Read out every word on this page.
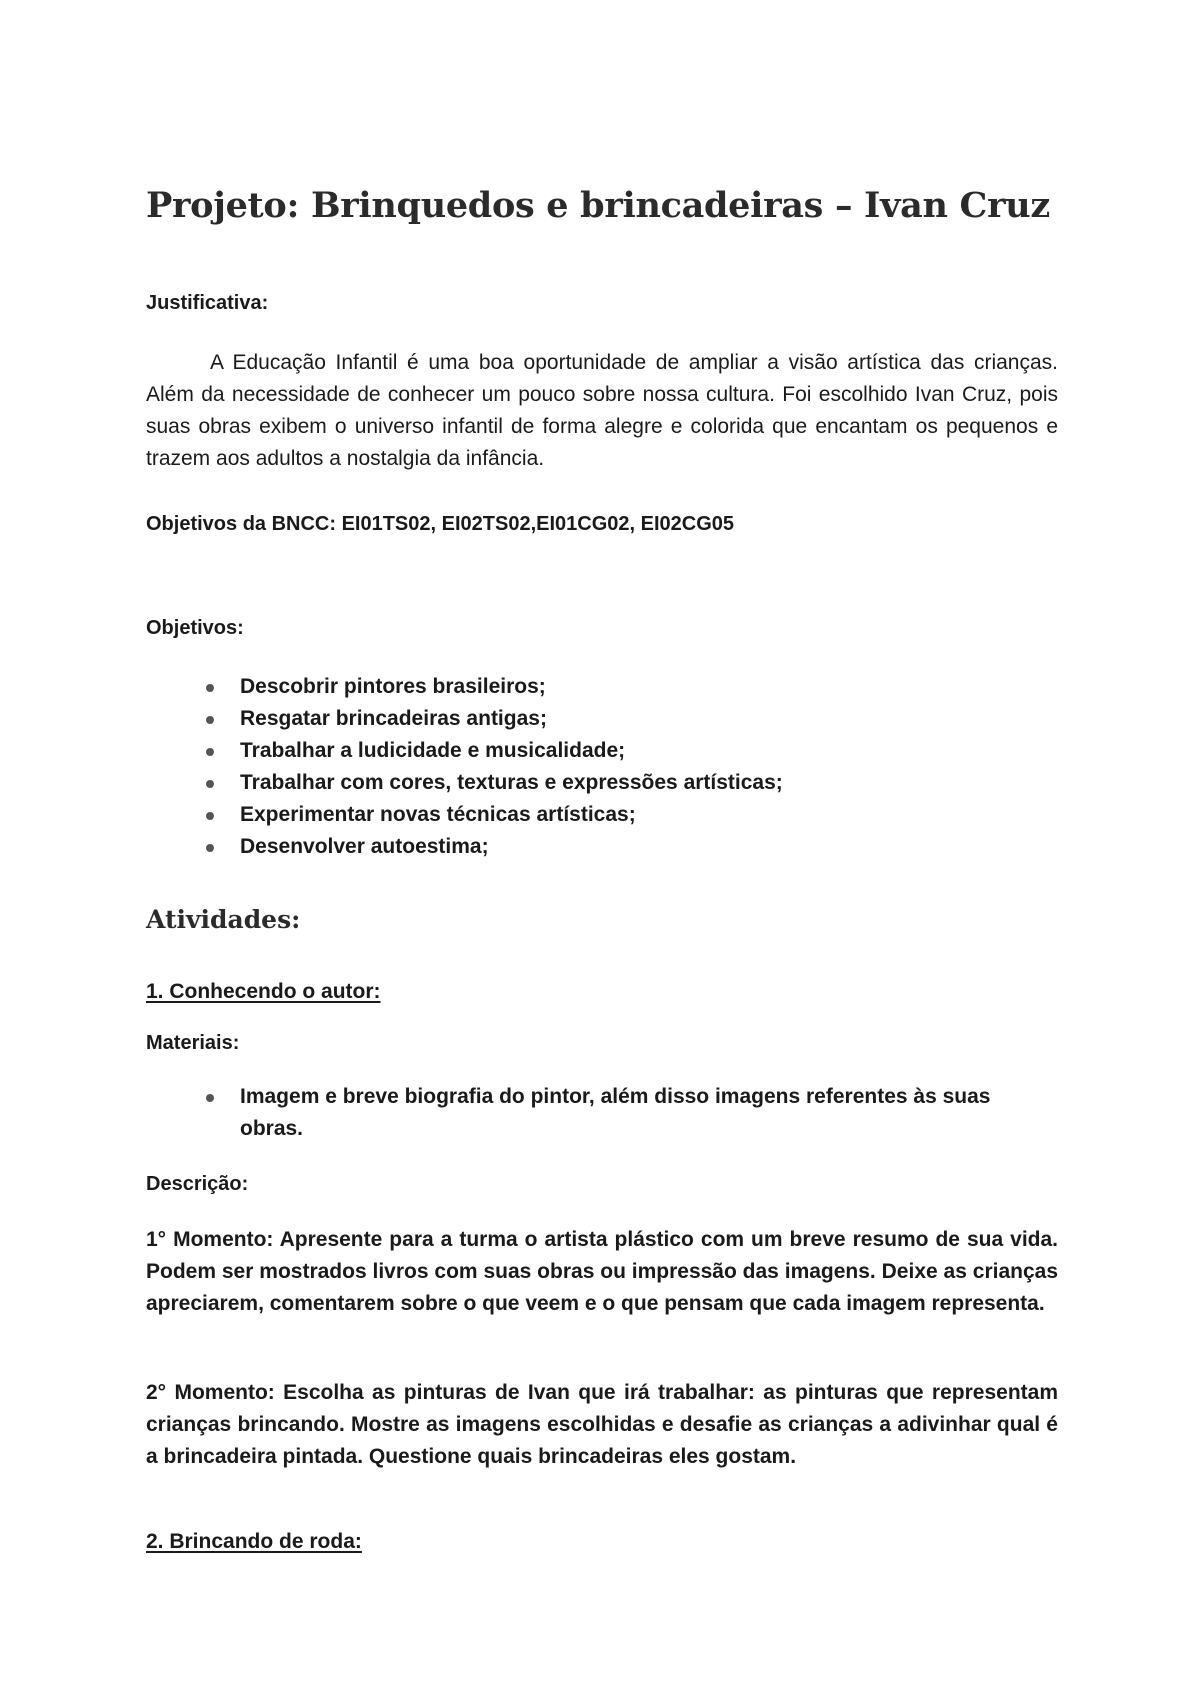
Projeto: Brinquedos e brincadeiras – Ivan Cruz

Justificativa:

A Educação Infantil é uma boa oportunidade de ampliar a visão artística das crianças. Além da necessidade de conhecer um pouco sobre nossa cultura. Foi escolhido Ivan Cruz, pois suas obras exibem o universo infantil de forma alegre e colorida que encantam os pequenos e trazem aos adultos a nostalgia da infância.

Objetivos da BNCC: EI01TS02, EI02TS02,EI01CG02, EI02CG05

Objetivos:

Descobrir pintores brasileiros;
Resgatar brincadeiras antigas;
Trabalhar a ludicidade e musicalidade;
Trabalhar com cores, texturas e expressões artísticas;
Experimentar novas técnicas artísticas;
Desenvolver autoestima;
Atividades:

1. Conhecendo o autor:

Materiais:

Imagem e breve biografia do pintor, além disso imagens referentes às suas obras.

Descrição:

1° Momento: Apresente para a turma o artista plástico com um breve resumo de sua vida. Podem ser mostrados livros com suas obras ou impressão das imagens. Deixe as crianças apreciarem, comentarem sobre o que veem e o que pensam que cada imagem representa.

2° Momento: Escolha as pinturas de Ivan que irá trabalhar: as pinturas que representam crianças brincando. Mostre as imagens escolhidas e desafie as crianças a adivinhar qual é a brincadeira pintada. Questione quais brincadeiras eles gostam.

2. Brincando de roda:
